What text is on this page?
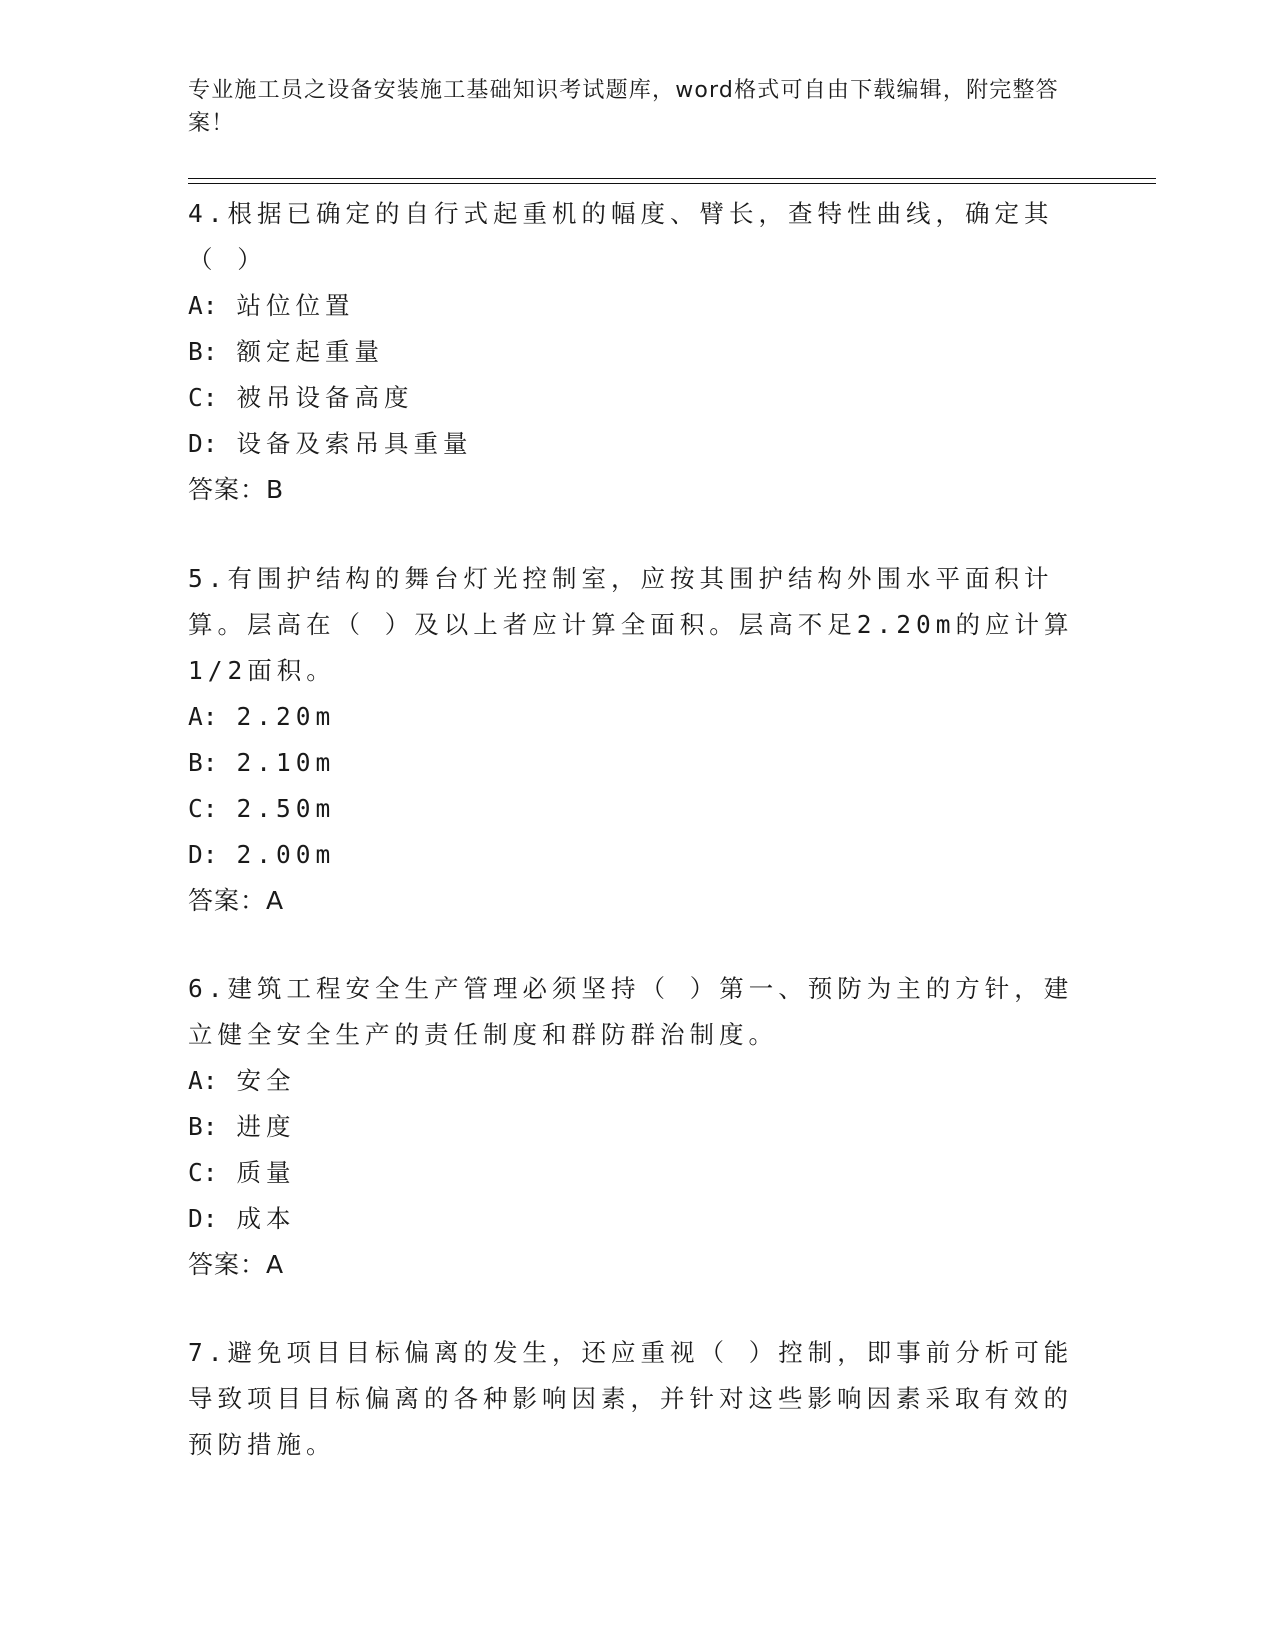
专业施工员之设备安装施工基础知识考试题库，word格式可自由下载编辑，附完整答案！

4.根据已确定的自行式起重机的幅度、臂长，查特性曲线，确定其（ ）

A: 站位位置

B: 额定起重量

C: 被吊设备高度

D: 设备及索吊具重量

答案：B

5.有围护结构的舞台灯光控制室，应按其围护结构外围水平面积计算。层高在（ ）及以上者应计算全面积。层高不足2.20m的应计算1/2面积。

A: 2.20m

B: 2.10m

C: 2.50m

D: 2.00m

答案：A

6.建筑工程安全生产管理必须坚持（ ）第一、预防为主的方针，建立健全安全生产的责任制度和群防群治制度。

A: 安全

B: 进度

C: 质量

D: 成本

答案：A

7.避免项目目标偏离的发生，还应重视（ ）控制，即事前分析可能导致项目目标偏离的各种影响因素，并针对这些影响因素采取有效的预防措施。
